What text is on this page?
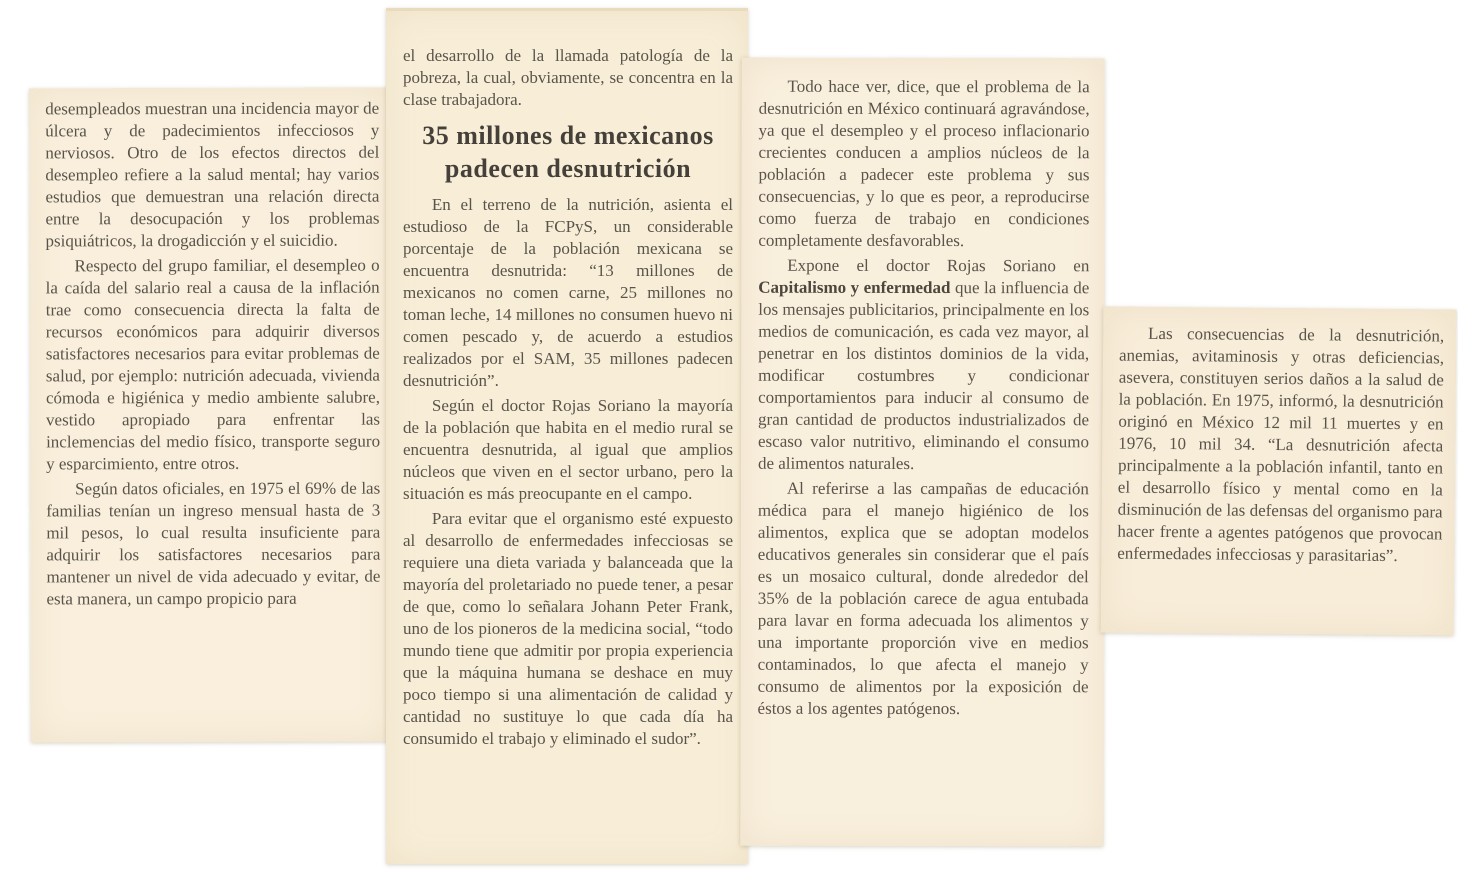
desempleados muestran una incidencia mayor de úlcera y de padecimientos infecciosos y nerviosos. Otro de los efectos directos del desempleo refiere a la salud mental; hay varios estudios que demuestran una relación directa entre la desocupación y los problemas psiquiátricos, la drogadicción y el suicidio.

Respecto del grupo familiar, el desempleo o la caída del salario real a causa de la inflación trae como consecuencia directa la falta de recursos económicos para adquirir diversos satisfactores necesarios para evitar problemas de salud, por ejemplo: nutrición adecuada, vivienda cómoda e higiénica y medio ambiente salubre, vestido apropiado para enfrentar las inclemencias del medio físico, transporte seguro y esparcimiento, entre otros.

Según datos oficiales, en 1975 el 69% de las familias tenían un ingreso mensual hasta de 3 mil pesos, lo cual resulta insuficiente para adquirir los satisfactores necesarios para mantener un nivel de vida adecuado y evitar, de esta manera, un campo propicio para

el desarrollo de la llamada patología de la pobreza, la cual, obviamente, se concentra en la clase trabajadora.

35 millones de mexicanos padecen desnutrición

En el terreno de la nutrición, asienta el estudioso de la FCPyS, un considerable porcentaje de la población mexicana se encuentra desnutrida: “13 millones de mexicanos no comen carne, 25 millones no toman leche, 14 millones no consumen huevo ni comen pescado y, de acuerdo a estudios realizados por el SAM, 35 millones padecen desnutrición”.

Según el doctor Rojas Soriano la mayoría de la población que habita en el medio rural se encuentra desnutrida, al igual que amplios núcleos que viven en el sector urbano, pero la situación es más preocupante en el campo.

Para evitar que el organismo esté expuesto al desarrollo de enfermedades infecciosas se requiere una dieta variada y balanceada que la mayoría del proletariado no puede tener, a pesar de que, como lo señalara Johann Peter Frank, uno de los pioneros de la medicina social, “todo mundo tiene que admitir por propia experiencia que la máquina humana se deshace en muy poco tiempo si una alimentación de calidad y cantidad no sustituye lo que cada día ha consumido el trabajo y eliminado el sudor”.

Todo hace ver, dice, que el problema de la desnutrición en México continuará agravándose, ya que el desempleo y el proceso inflacionario crecientes conducen a amplios núcleos de la población a padecer este problema y sus consecuencias, y lo que es peor, a reproducirse como fuerza de trabajo en condiciones completamente desfavorables.

Expone el doctor Rojas Soriano en Capitalismo y enfermedad que la influencia de los mensajes publicitarios, principalmente en los medios de comunicación, es cada vez mayor, al penetrar en los distintos dominios de la vida, modificar costumbres y condicionar comportamientos para inducir al consumo de gran cantidad de productos industrializados de escaso valor nutritivo, eliminando el consumo de alimentos naturales.

Al referirse a las campañas de educación médica para el manejo higiénico de los alimentos, explica que se adoptan modelos educativos generales sin considerar que el país es un mosaico cultural, donde alrededor del 35% de la población carece de agua entubada para lavar en forma adecuada los alimentos y una importante proporción vive en medios contaminados, lo que afecta el manejo y consumo de alimentos por la exposición de éstos a los agentes patógenos.

Las consecuencias de la desnutrición, anemias, avitaminosis y otras deficiencias, asevera, constituyen serios daños a la salud de la población. En 1975, informó, la desnutrición originó en México 12 mil 11 muertes y en 1976, 10 mil 34. “La desnutrición afecta principalmente a la población infantil, tanto en el desarrollo físico y mental como en la disminución de las defensas del organismo para hacer frente a agentes patógenos que provocan enfermedades infecciosas y parasitarias”.
